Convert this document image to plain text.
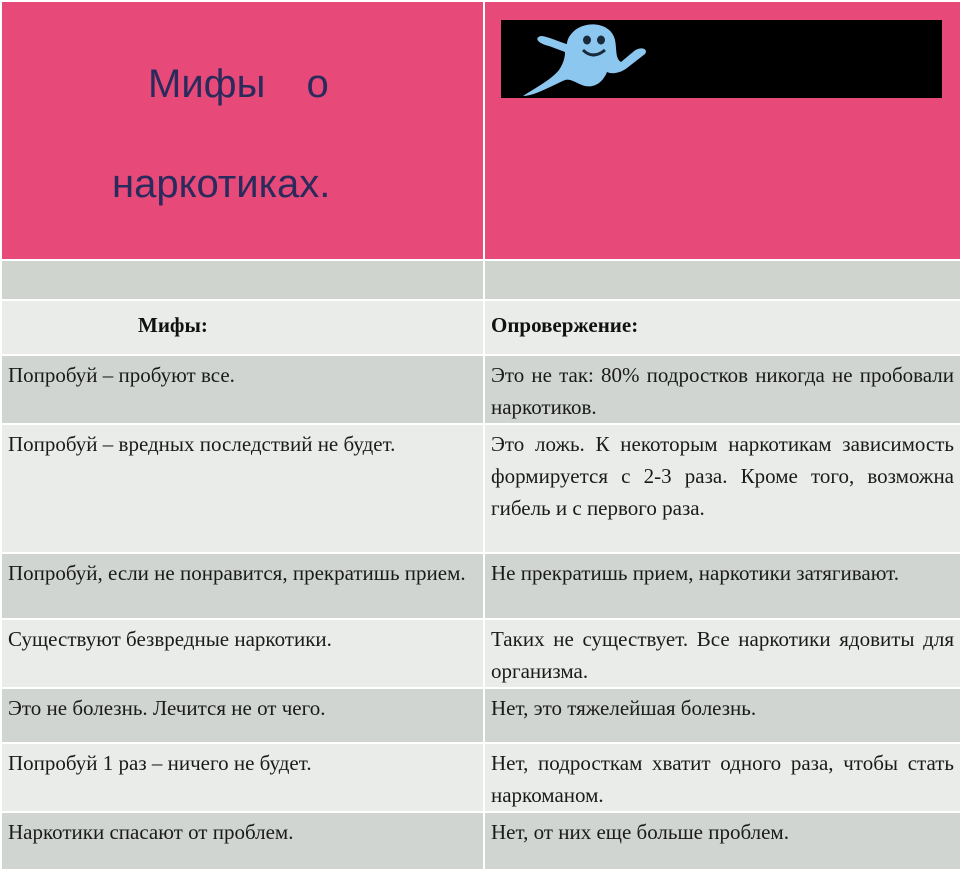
Мифы о

наркотиках.

Мифы:	Опровержение:

Попробуй – пробуют все.	Это не так: 80% подростков никогда не пробовали наркотиков.

Попробуй – вредных последствий не будет.	Это ложь. К некоторым наркотикам зависимость формируется с 2-3 раза. Кроме того, возможна гибель и с первого раза.

Попробуй, если не понравится, прекратишь прием.	Не прекратишь прием, наркотики затягивают.

Существуют безвредные наркотики.	Таких не существует. Все наркотики ядовиты для организма.

Это не болезнь. Лечится не от чего.	Нет, это тяжелейшая болезнь.

Попробуй 1 раз – ничего не будет.	Нет, подросткам хватит одного раза, чтобы стать наркоманом.

Наркотики спасают от проблем.	Нет, от них еще больше проблем.
